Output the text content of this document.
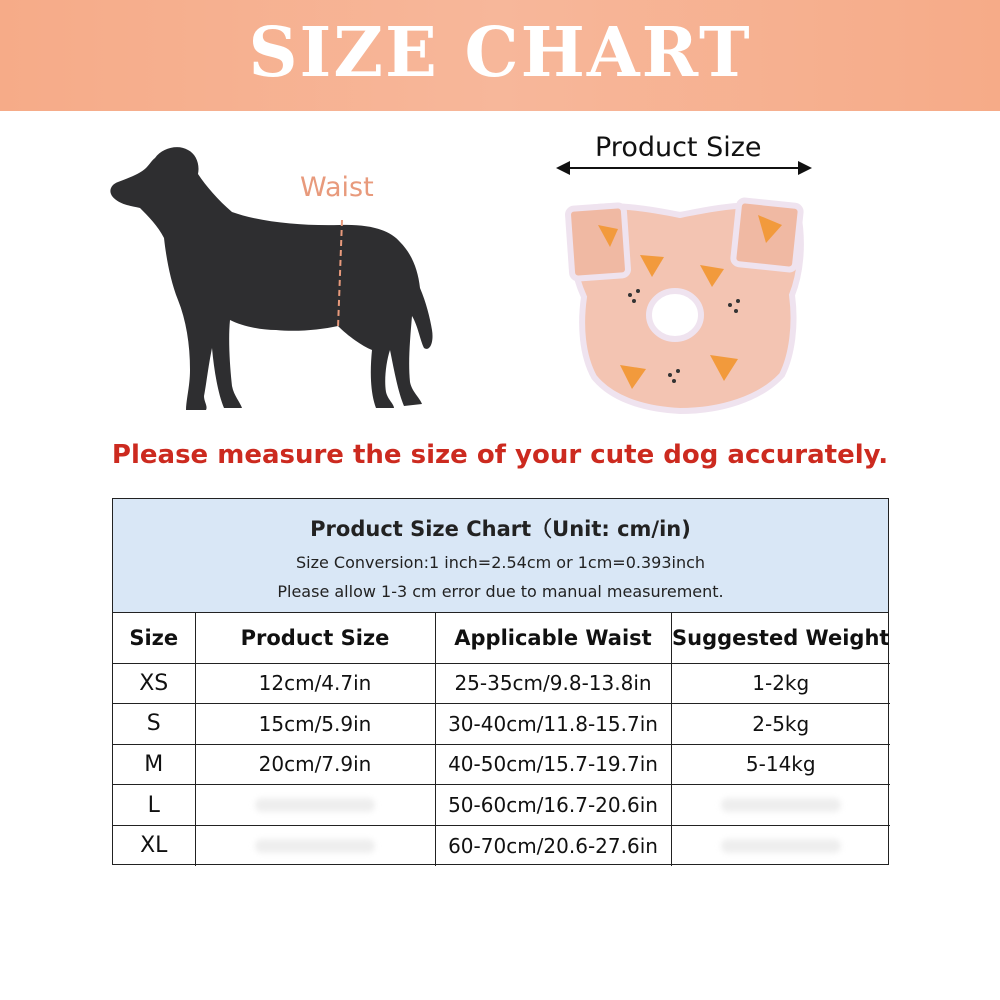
SIZE CHART
Waist
Product Size
Please measure the size of your cute dog accurately.
Product Size Chart（Unit: cm/in)
Size Conversion:1 inch=2.54cm or 1cm=0.393inch
Please allow 1-3 cm error due to manual measurement.
Size	Product Size	Applicable Waist	Suggested Weight
XS	12cm/4.7in	25-35cm/9.8-13.8in	1-2kg
S	15cm/5.9in	30-40cm/11.8-15.7in	2-5kg
M	20cm/7.9in	40-50cm/15.7-19.7in	5-14kg
L		50-60cm/16.7-20.6in	
XL		60-70cm/20.6-27.6in	
